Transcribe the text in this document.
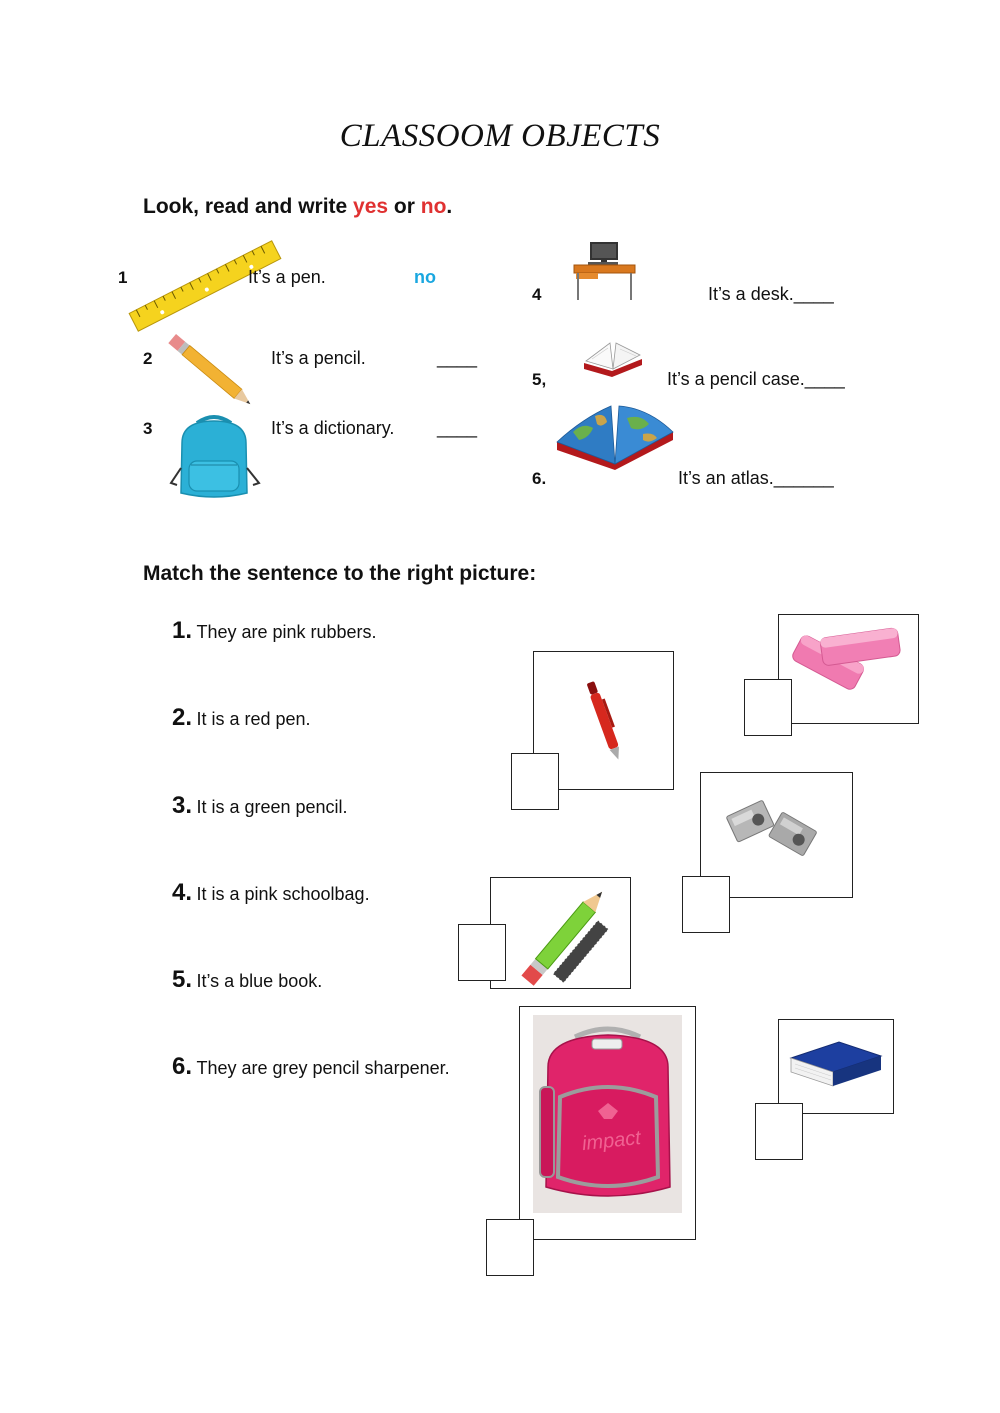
CLASSOOM OBJECTS
Look, read and write yes or no.
1	It’s a pen.	no
2	It’s a pencil.	____
3	It’s a dictionary. ____
4	It’s a desk.____
5,	It’s a pencil case.____
6.	It’s an atlas.______
Match the sentence to the right picture:
1. They are pink rubbers.
2. It is a red pen.
3. It is a green pencil.
4. It is a pink schoolbag.
5. It’s a blue book.
6. They are grey pencil sharpener.
impact
